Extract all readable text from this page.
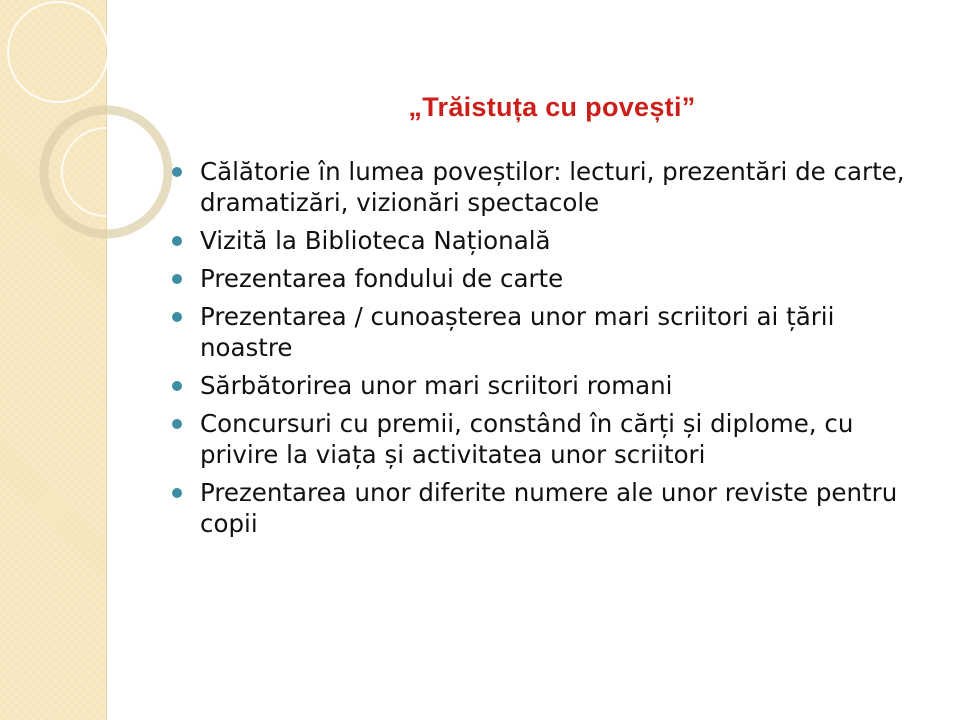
„Trăistuța cu povești”
Călătorie în lumea poveștilor: lecturi, prezentări de carte, dramatizări, vizionări spectacole
Vizită la Biblioteca Națională
Prezentarea fondului de carte
Prezentarea / cunoașterea unor mari scriitori ai țării noastre
Sărbătorirea unor mari scriitori romani
Concursuri cu premii, constând în cărți și diplome, cu privire la viața și activitatea unor scriitori
Prezentarea unor diferite numere ale unor reviste pentru copii
